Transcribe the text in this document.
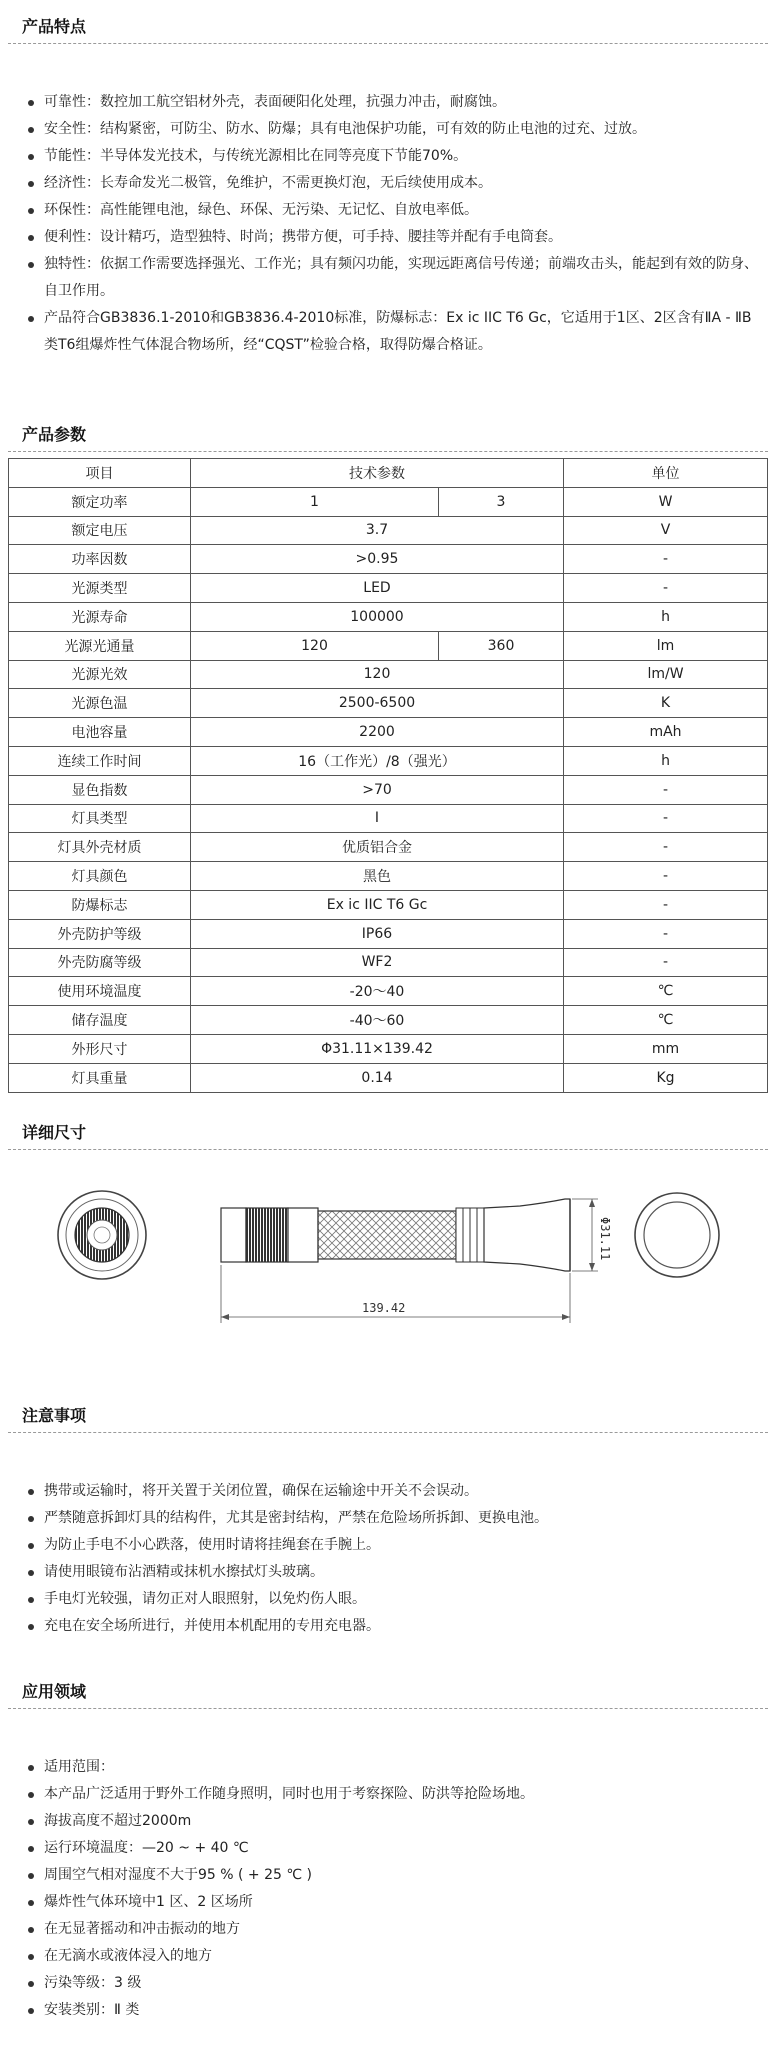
产品特点
可靠性：数控加工航空铝材外壳，表面硬阳化处理，抗强力冲击，耐腐蚀。
安全性：结构紧密，可防尘、防水、防爆；具有电池保护功能，可有效的防止电池的过充、过放。
节能性：半导体发光技术，与传统光源相比在同等亮度下节能70%。
经济性：长寿命发光二极管，免维护，不需更换灯泡，无后续使用成本。
环保性：高性能锂电池，绿色、环保、无污染、无记忆、自放电率低。
便利性：设计精巧，造型独特、时尚；携带方便，可手持、腰挂等并配有手电筒套。
独特性：依据工作需要选择强光、工作光；具有频闪功能，实现远距离信号传递；前端攻击头，能起到有效的防身、自卫作用。
产品符合GB3836.1-2010和GB3836.4-2010标准，防爆标志：Ex ic IIC T6 Gc，它适用于1区、2区含有ⅡA - ⅡB类T6组爆炸性气体混合物场所，经“CQST”检验合格，取得防爆合格证。
产品参数
项目	技术参数		单位
额定功率	1	3	W
额定电压	3.7		V
功率因数	>0.95		-
光源类型	LED		-
光源寿命	100000		h
光源光通量	120	360	lm
光源光效	120		lm/W
光源色温	2500-6500		K
电池容量	2200		mAh
连续工作时间	16（工作光）/8（强光）		h
显色指数	>70		-
灯具类型	I		-
灯具外壳材质	优质铝合金		-
灯具颜色	黑色		-
防爆标志	Ex ic IIC T6 Gc		-
外壳防护等级	IP66		-
外壳防腐等级	WF2		-
使用环境温度	-20～40		℃
储存温度	-40～60		℃
外形尺寸	Φ31.11×139.42		mm
灯具重量	0.14		Kg
详细尺寸
139.42
Φ31.11
注意事项
携带或运输时，将开关置于关闭位置，确保在运输途中开关不会误动。
严禁随意拆卸灯具的结构件，尤其是密封结构，严禁在危险场所拆卸、更换电池。
为防止手电不小心跌落，使用时请将挂绳套在手腕上。
请使用眼镜布沾酒精或抹机水擦拭灯头玻璃。
手电灯光较强，请勿正对人眼照射，以免灼伤人眼。
充电在安全场所进行，并使用本机配用的专用充电器。
应用领域
适用范围：
本产品广泛适用于野外工作随身照明，同时也用于考察探险、防洪等抢险场地。
海拔高度不超过2000m
运行环境温度：—20 ~ + 40 ℃
周围空气相对湿度不大于95 % ( + 25 ℃ )
爆炸性气体环境中1 区、2 区场所
在无显著摇动和冲击振动的地方
在无滴水或液体浸入的地方
污染等级：3 级
安装类别：Ⅱ 类
